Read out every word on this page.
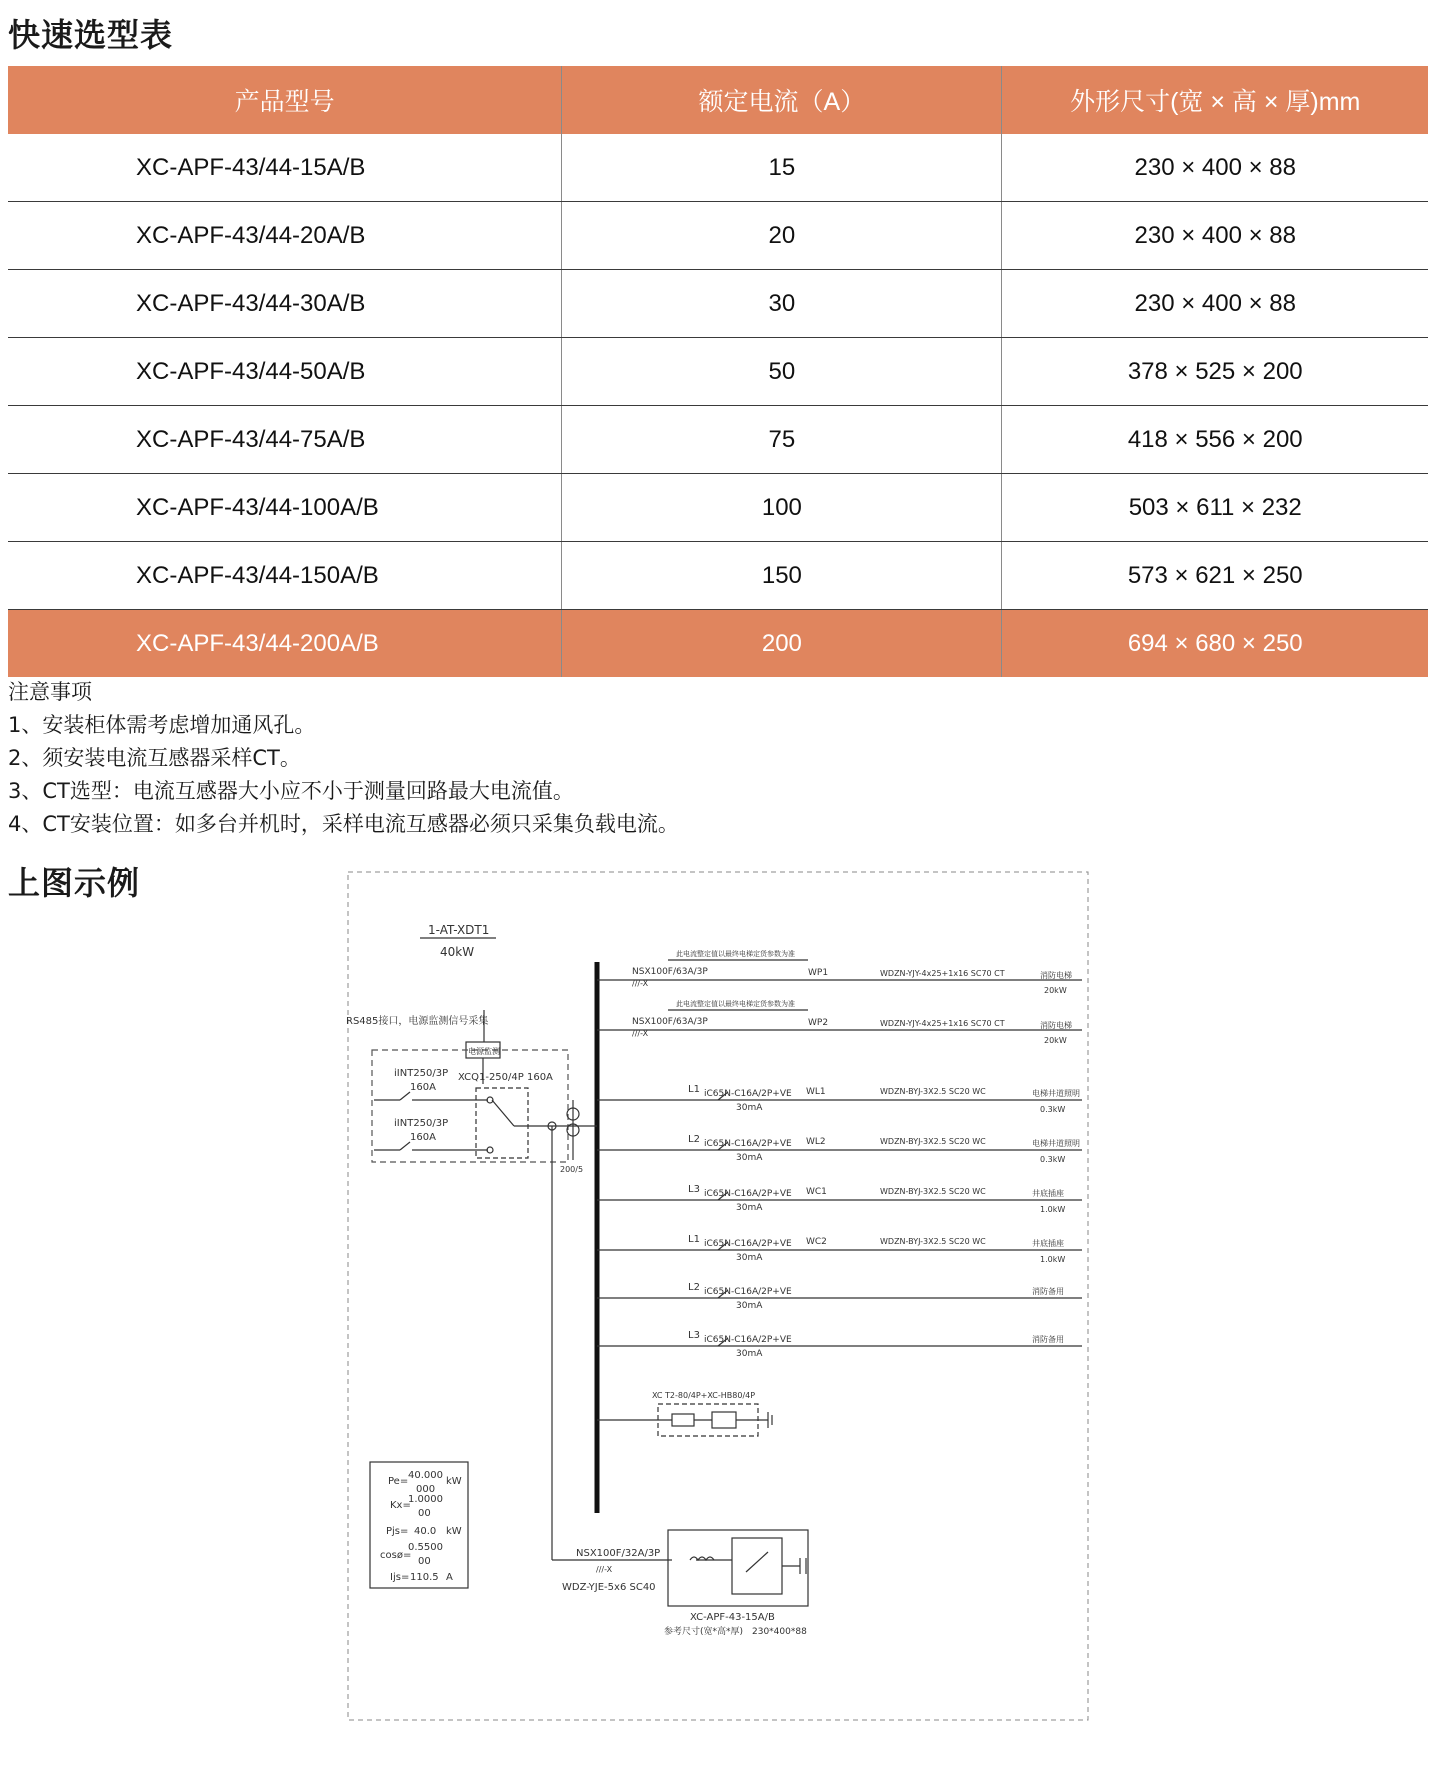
快速选型表
产品型号	额定电流（A）	外形尺寸(宽 × 高 × 厚)mm
XC-APF-43/44-15A/B	15	230 × 400 × 88
XC-APF-43/44-20A/B	20	230 × 400 × 88
XC-APF-43/44-30A/B	30	230 × 400 × 88
XC-APF-43/44-50A/B	50	378 × 525 × 200
XC-APF-43/44-75A/B	75	418 × 556 × 200
XC-APF-43/44-100A/B	100	503 × 611 × 232
XC-APF-43/44-150A/B	150	573 × 621 × 250
XC-APF-43/44-200A/B	200	694 × 680 × 250
注意事项
1、安装柜体需考虑增加通风孔。
2、须安装电流互感器采样CT。
3、CT选型：电流互感器大小应不小于测量回路最大电流值。
4、CT安装位置：如多台并机时，采样电流互感器必须只采集负载电流。
上图示例
1-AT-XDT1
40kW
RS485接口，电源监测信号采集
电源监测
iINT250/3P
160A
iINT250/3P
160A
XCQ1-250/4P 160A
200/5
此电流整定值以最终电梯定货参数为准
NSX100F/63A/3P
///-X
WP1	WDZN-YJY-4x25+1x16 SC70 CT	消防电梯
20kW
此电流整定值以最终电梯定货参数为准
NSX100F/63A/3P
///-X
WP2	WDZN-YJY-4x25+1x16 SC70 CT	消防电梯
20kW
L1 iC65N-C16A/2P+VE
30mA
WL1	WDZN-BYJ-3X2.5 SC20 WC	电梯井道照明
0.3kW
L2 iC65N-C16A/2P+VE
30mA
WL2	WDZN-BYJ-3X2.5 SC20 WC	电梯井道照明
0.3kW
L3 iC65N-C16A/2P+VE
30mA
WC1	WDZN-BYJ-3X2.5 SC20 WC	井底插座
1.0kW
L1 iC65N-C16A/2P+VE
30mA
WC2	WDZN-BYJ-3X2.5 SC20 WC	井底插座
1.0kW
L2 iC65N-C16A/2P+VE
30mA
消防备用
L3 iC65N-C16A/2P+VE
30mA
消防备用
XC T2-80/4P+XC-HB80/4P
Pe=
40.000
000
kW
Kx=
1.0000
00
Pjs= 40.0 kW
cosø=
0.5500
00
Ijs= 110.5 A
NSX100F/32A/3P
///-X
WDZ-YJE-5x6 SC40
XC-APF-43-15A/B
参考尺寸(宽*高*厚) 230*400*88
